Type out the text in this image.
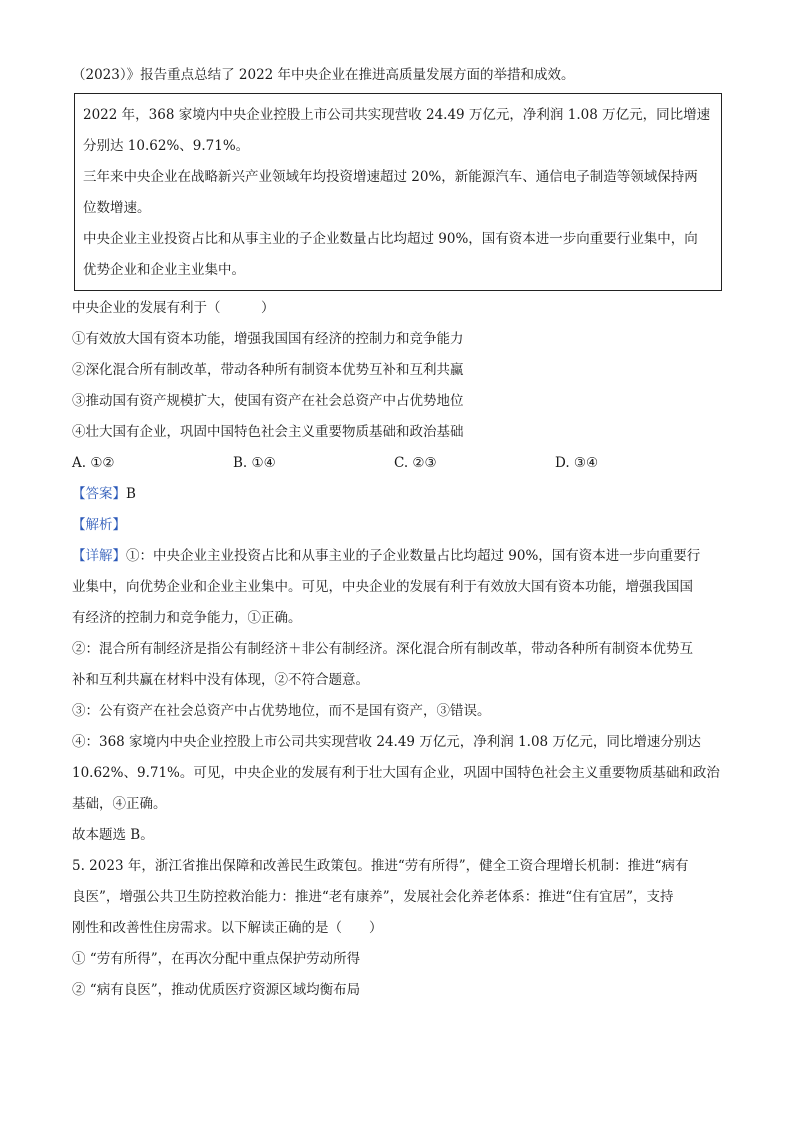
（2023）》报告重点总结了 2022 年中央企业在推进高质量发展方面的举措和成效。
2022 年，368 家境内中央企业控股上市公司共实现营收 24.49 万亿元，净利润 1.08 万亿元，同比增速
分别达 10.62%、9.71%。
三年来中央企业在战略新兴产业领域年均投资增速超过 20%，新能源汽车、通信电子制造等领域保持两
位数增速。
中央企业主业投资占比和从事主业的子企业数量占比均超过 90%，国有资本进一步向重要行业集中，向
优势企业和企业主业集中。
中央企业的发展有利于（　　　）
①有效放大国有资本功能，增强我国国有经济的控制力和竞争能力
②深化混合所有制改革，带动各种所有制资本优势互补和互利共赢
③推动国有资产规模扩大，使国有资产在社会总资产中占优势地位
④壮大国有企业，巩固中国特色社会主义重要物质基础和政治基础
A. ①②	B. ①④	C. ②③	D. ③④
【答案】B
【解析】
【详解】①：中央企业主业投资占比和从事主业的子企业数量占比均超过 90%，国有资本进一步向重要行
业集中，向优势企业和企业主业集中。可见，中央企业的发展有利于有效放大国有资本功能，增强我国国
有经济的控制力和竞争能力，①正确。
②：混合所有制经济是指公有制经济＋非公有制经济。深化混合所有制改革，带动各种所有制资本优势互
补和互利共赢在材料中没有体现，②不符合题意。
③：公有资产在社会总资产中占优势地位，而不是国有资产，③错误。
④：368 家境内中央企业控股上市公司共实现营收 24.49 万亿元，净利润 1.08 万亿元，同比增速分别达
10.62%、9.71%。可见，中央企业的发展有利于壮大国有企业，巩固中国特色社会主义重要物质基础和政治
基础，④正确。
故本题选 B。
5. 2023 年，浙江省推出保障和改善民生政策包。推进“劳有所得”，健全工资合理增长机制：推进“病有
良医”，增强公共卫生防控救治能力：推进“老有康养”，发展社会化养老体系：推进“住有宜居”，支持
刚性和改善性住房需求。以下解读正确的是（　　）
① “劳有所得”，在再次分配中重点保护劳动所得
② “病有良医”，推动优质医疗资源区域均衡布局
